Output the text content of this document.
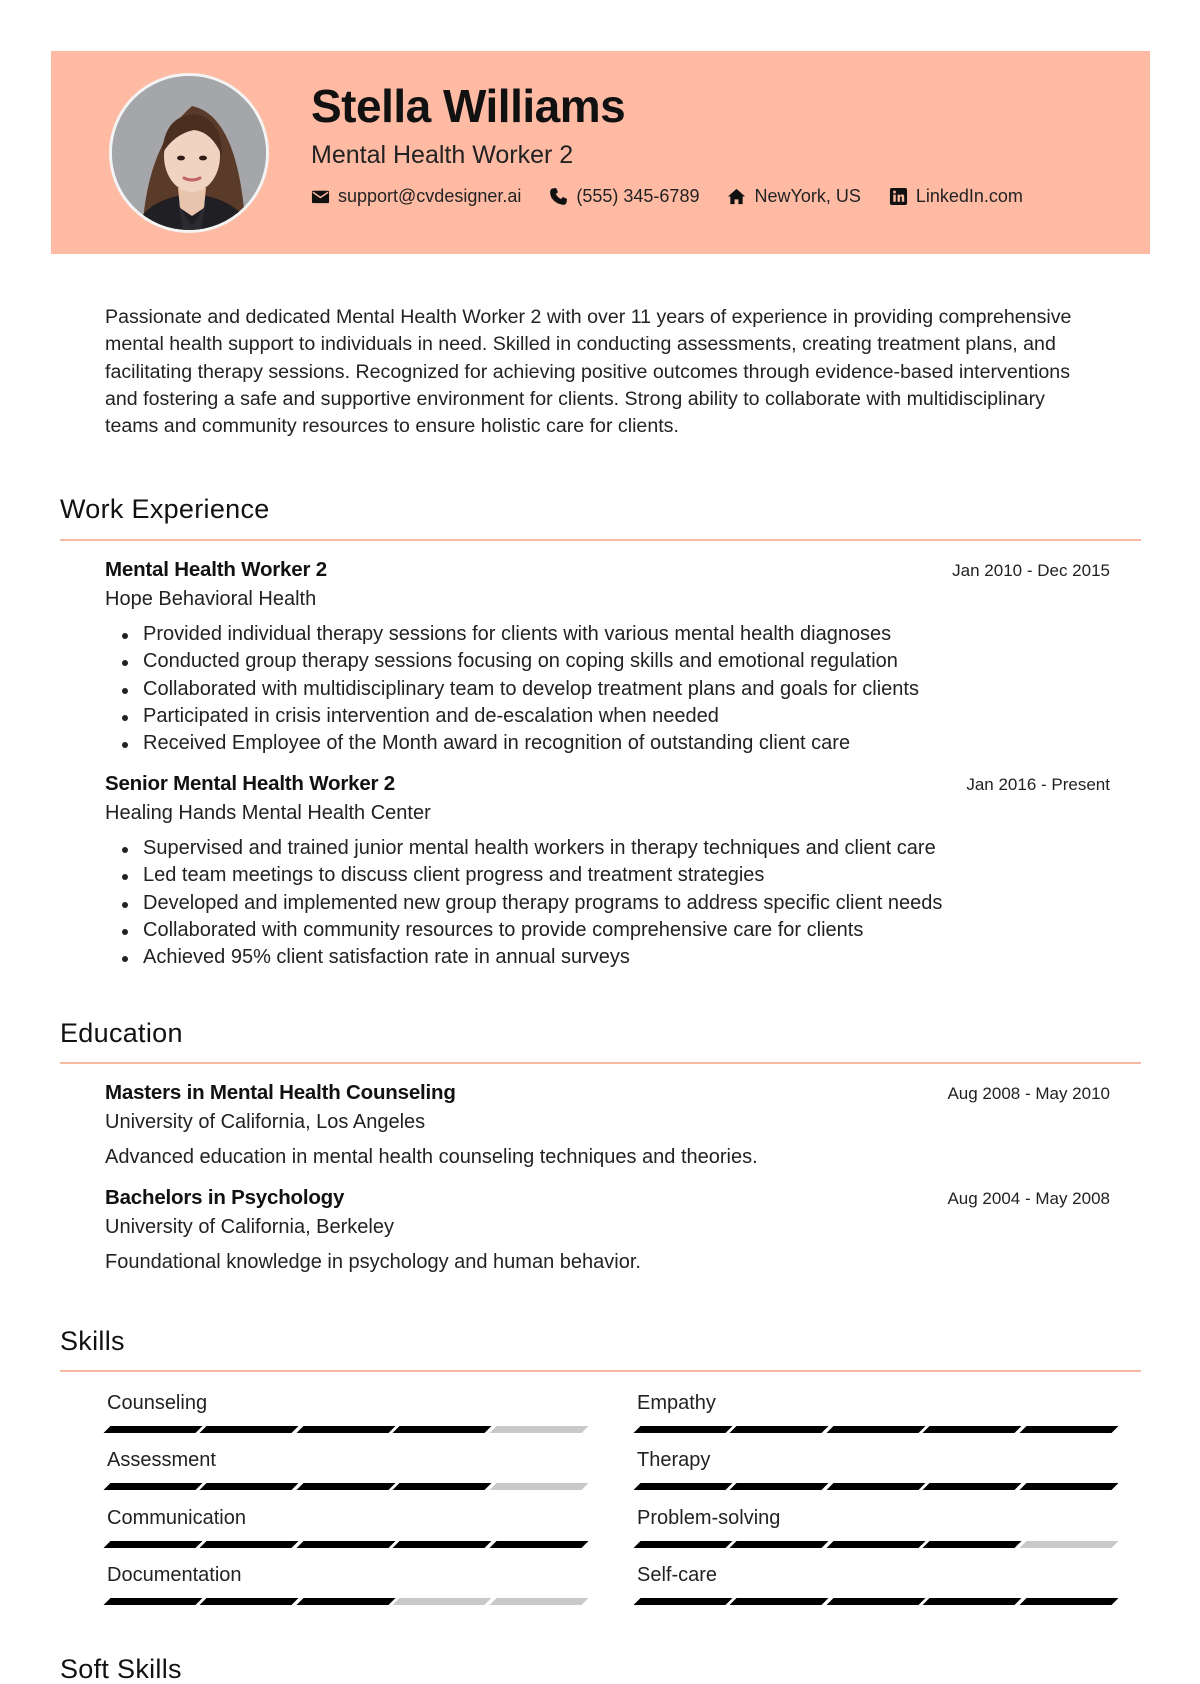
Stella Williams
Mental Health Worker 2
support@cvdesigner.ai	(555) 345-6789	NewYork, US	LinkedIn.com
Passionate and dedicated Mental Health Worker 2 with over 11 years of experience in providing comprehensive mental health support to individuals in need. Skilled in conducting assessments, creating treatment plans, and facilitating therapy sessions. Recognized for achieving positive outcomes through evidence-based interventions and fostering a safe and supportive environment for clients. Strong ability to collaborate with multidisciplinary teams and community resources to ensure holistic care for clients.
Work Experience
Mental Health Worker 2	Jan 2010 - Dec 2015
Hope Behavioral Health
Provided individual therapy sessions for clients with various mental health diagnoses
Conducted group therapy sessions focusing on coping skills and emotional regulation
Collaborated with multidisciplinary team to develop treatment plans and goals for clients
Participated in crisis intervention and de-escalation when needed
Received Employee of the Month award in recognition of outstanding client care
Senior Mental Health Worker 2	Jan 2016 - Present
Healing Hands Mental Health Center
Supervised and trained junior mental health workers in therapy techniques and client care
Led team meetings to discuss client progress and treatment strategies
Developed and implemented new group therapy programs to address specific client needs
Collaborated with community resources to provide comprehensive care for clients
Achieved 95% client satisfaction rate in annual surveys
Education
Masters in Mental Health Counseling	Aug 2008 - May 2010
University of California, Los Angeles
Advanced education in mental health counseling techniques and theories.
Bachelors in Psychology	Aug 2004 - May 2008
University of California, Berkeley
Foundational knowledge in psychology and human behavior.
Skills
Counseling	Empathy
Assessment	Therapy
Communication	Problem-solving
Documentation	Self-care
Soft Skills
